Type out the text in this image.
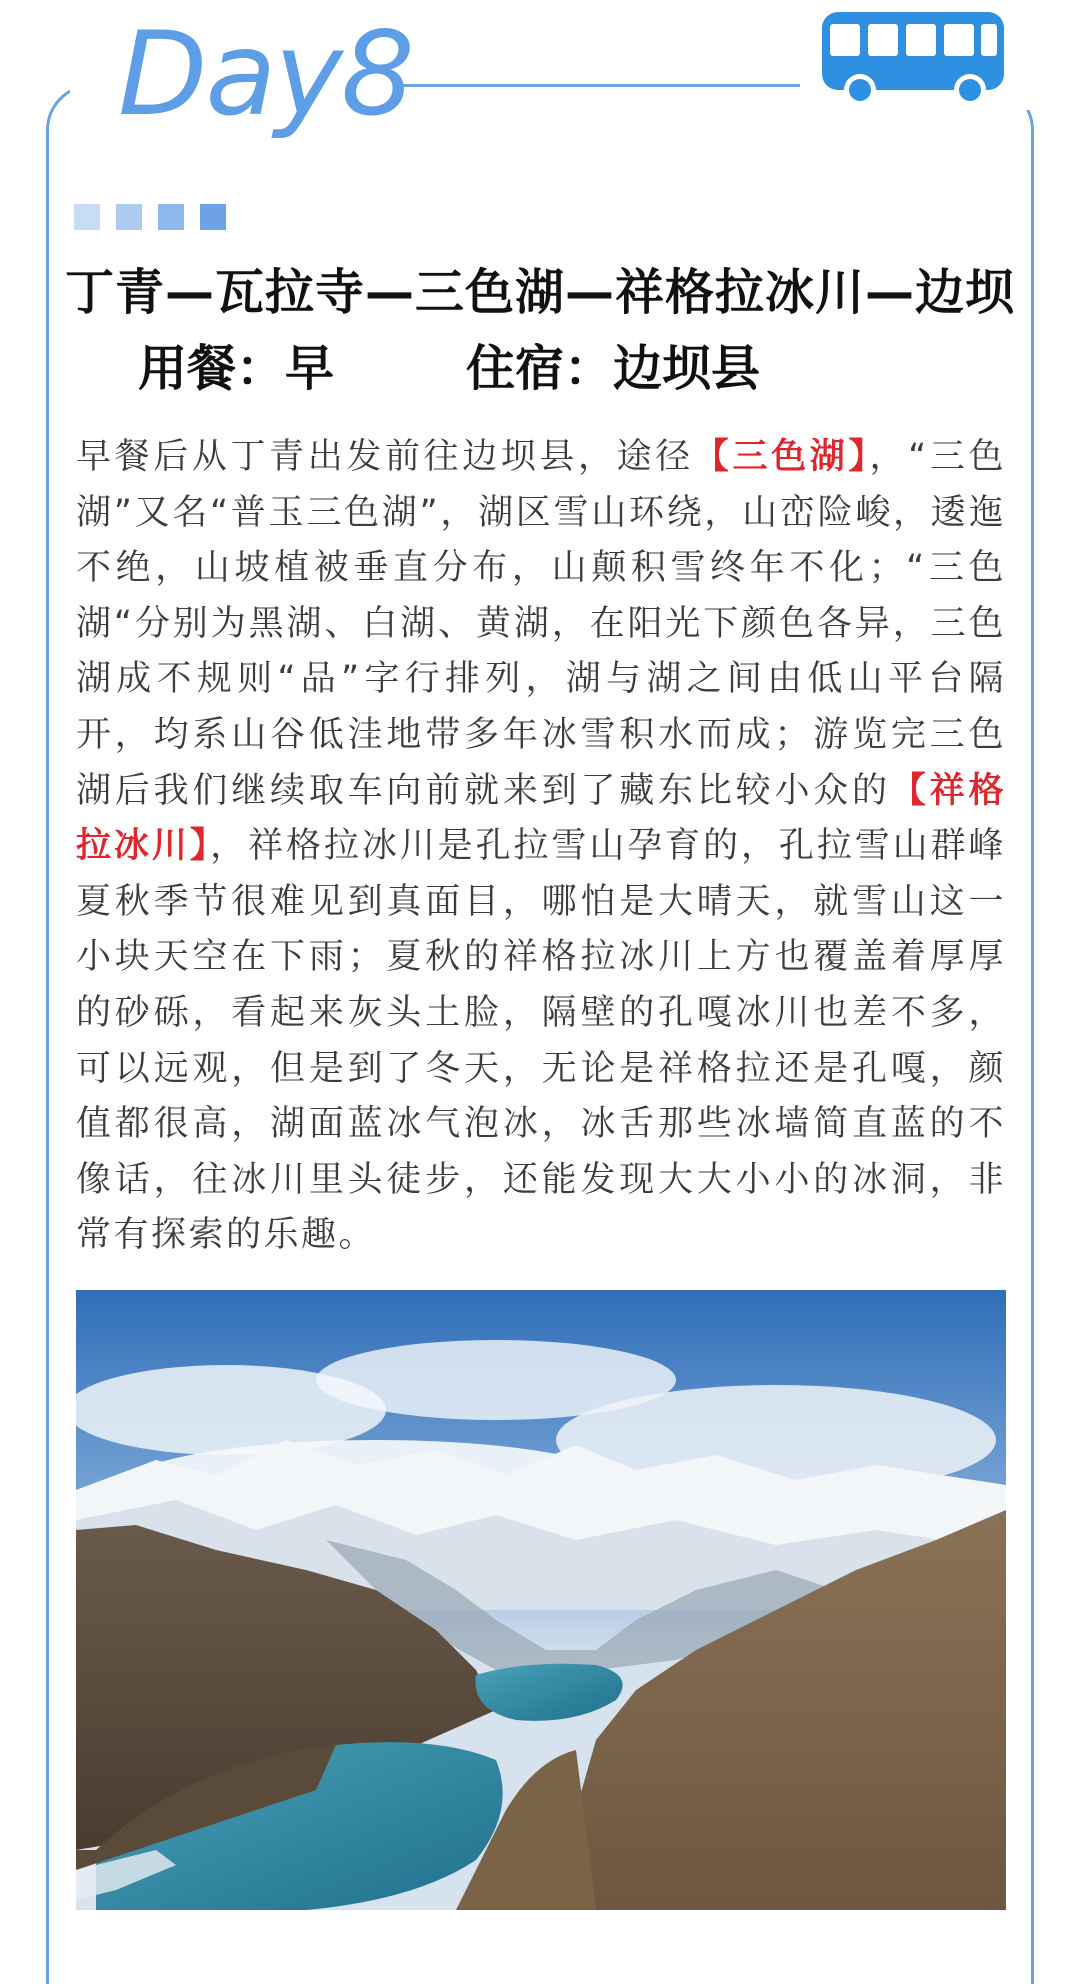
Day8
丁青—瓦拉寺—三色湖—祥格拉冰川—边坝
用餐：早	住宿：边坝县
早餐后从丁青出发前往边坝县，途径【三色湖】，“三色湖”又名“普玉三色湖”，湖区雪山环绕，山峦险峻，逶迤不绝，山坡植被垂直分布，山颠积雪终年不化；“三色湖“分别为黑湖、白湖、黄湖，在阳光下颜色各异，三色湖成不规则“品”字行排列，湖与湖之间由低山平台隔开，均系山谷低洼地带多年冰雪积水而成；游览完三色湖后我们继续取车向前就来到了藏东比较小众的【祥格拉冰川】，祥格拉冰川是孔拉雪山孕育的，孔拉雪山群峰夏秋季节很难见到真面目，哪怕是大晴天，就雪山这一小块天空在下雨；夏秋的祥格拉冰川上方也覆盖着厚厚的砂砾，看起来灰头土脸，隔壁的孔嘎冰川也差不多，可以远观，但是到了冬天，无论是祥格拉还是孔嘎，颜值都很高，湖面蓝冰气泡冰，冰舌那些冰墙简直蓝的不像话，往冰川里头徒步，还能发现大大小小的冰洞，非常有探索的乐趣。
